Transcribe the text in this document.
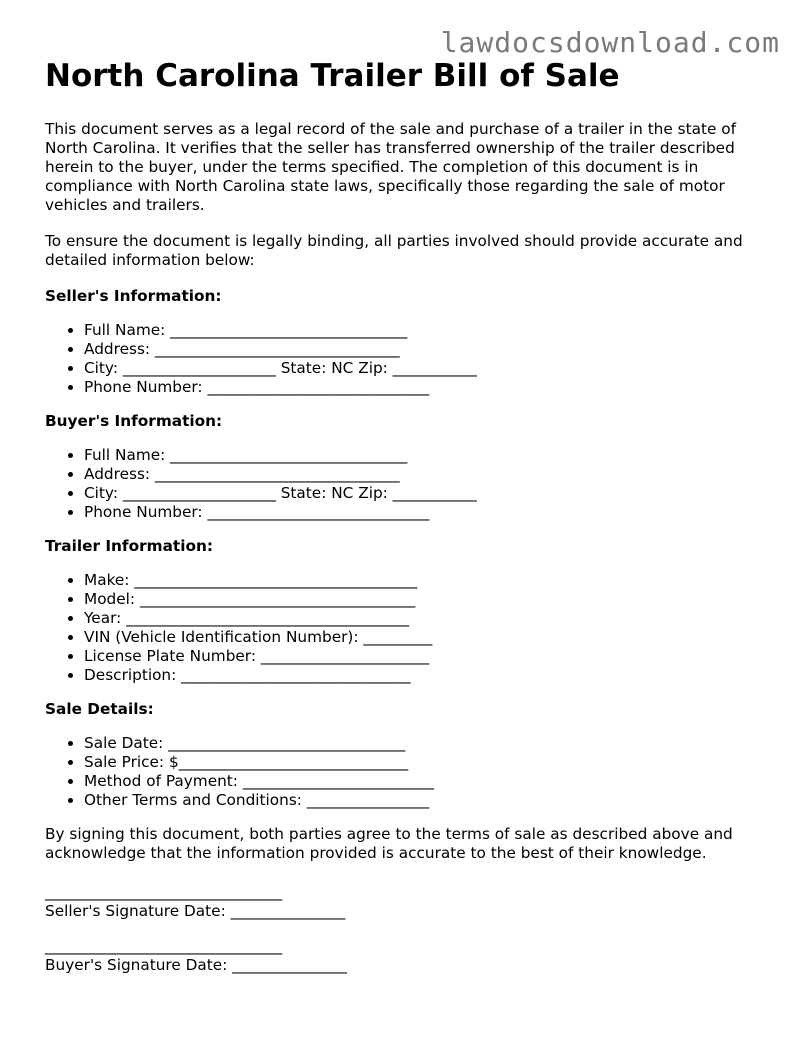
lawdocsdownload.com
North Carolina Trailer Bill of Sale

This document serves as a legal record of the sale and purchase of a trailer in the state of North Carolina. It verifies that the seller has transferred ownership of the trailer described herein to the buyer, under the terms specified. The completion of this document is in compliance with North Carolina state laws, specifically those regarding the sale of motor vehicles and trailers.

To ensure the document is legally binding, all parties involved should provide accurate and detailed information below:

Seller's Information:
• Full Name: _______________________________
• Address: ________________________________
• City: ____________________ State: NC Zip: ___________
• Phone Number: _____________________________
Buyer's Information:
• Full Name: _______________________________
• Address: ________________________________
• City: ____________________ State: NC Zip: ___________
• Phone Number: _____________________________
Trailer Information:
• Make: _____________________________________
• Model: ____________________________________
• Year: _____________________________________
• VIN (Vehicle Identification Number): _________
• License Plate Number: ______________________
• Description: ______________________________
Sale Details:
• Sale Date: _______________________________
• Sale Price: $______________________________
• Method of Payment: _________________________
• Other Terms and Conditions: ________________

By signing this document, both parties agree to the terms of sale as described above and acknowledge that the information provided is accurate to the best of their knowledge.

_______________________________
Seller's Signature Date: _______________
_______________________________
Buyer's Signature Date: _______________
